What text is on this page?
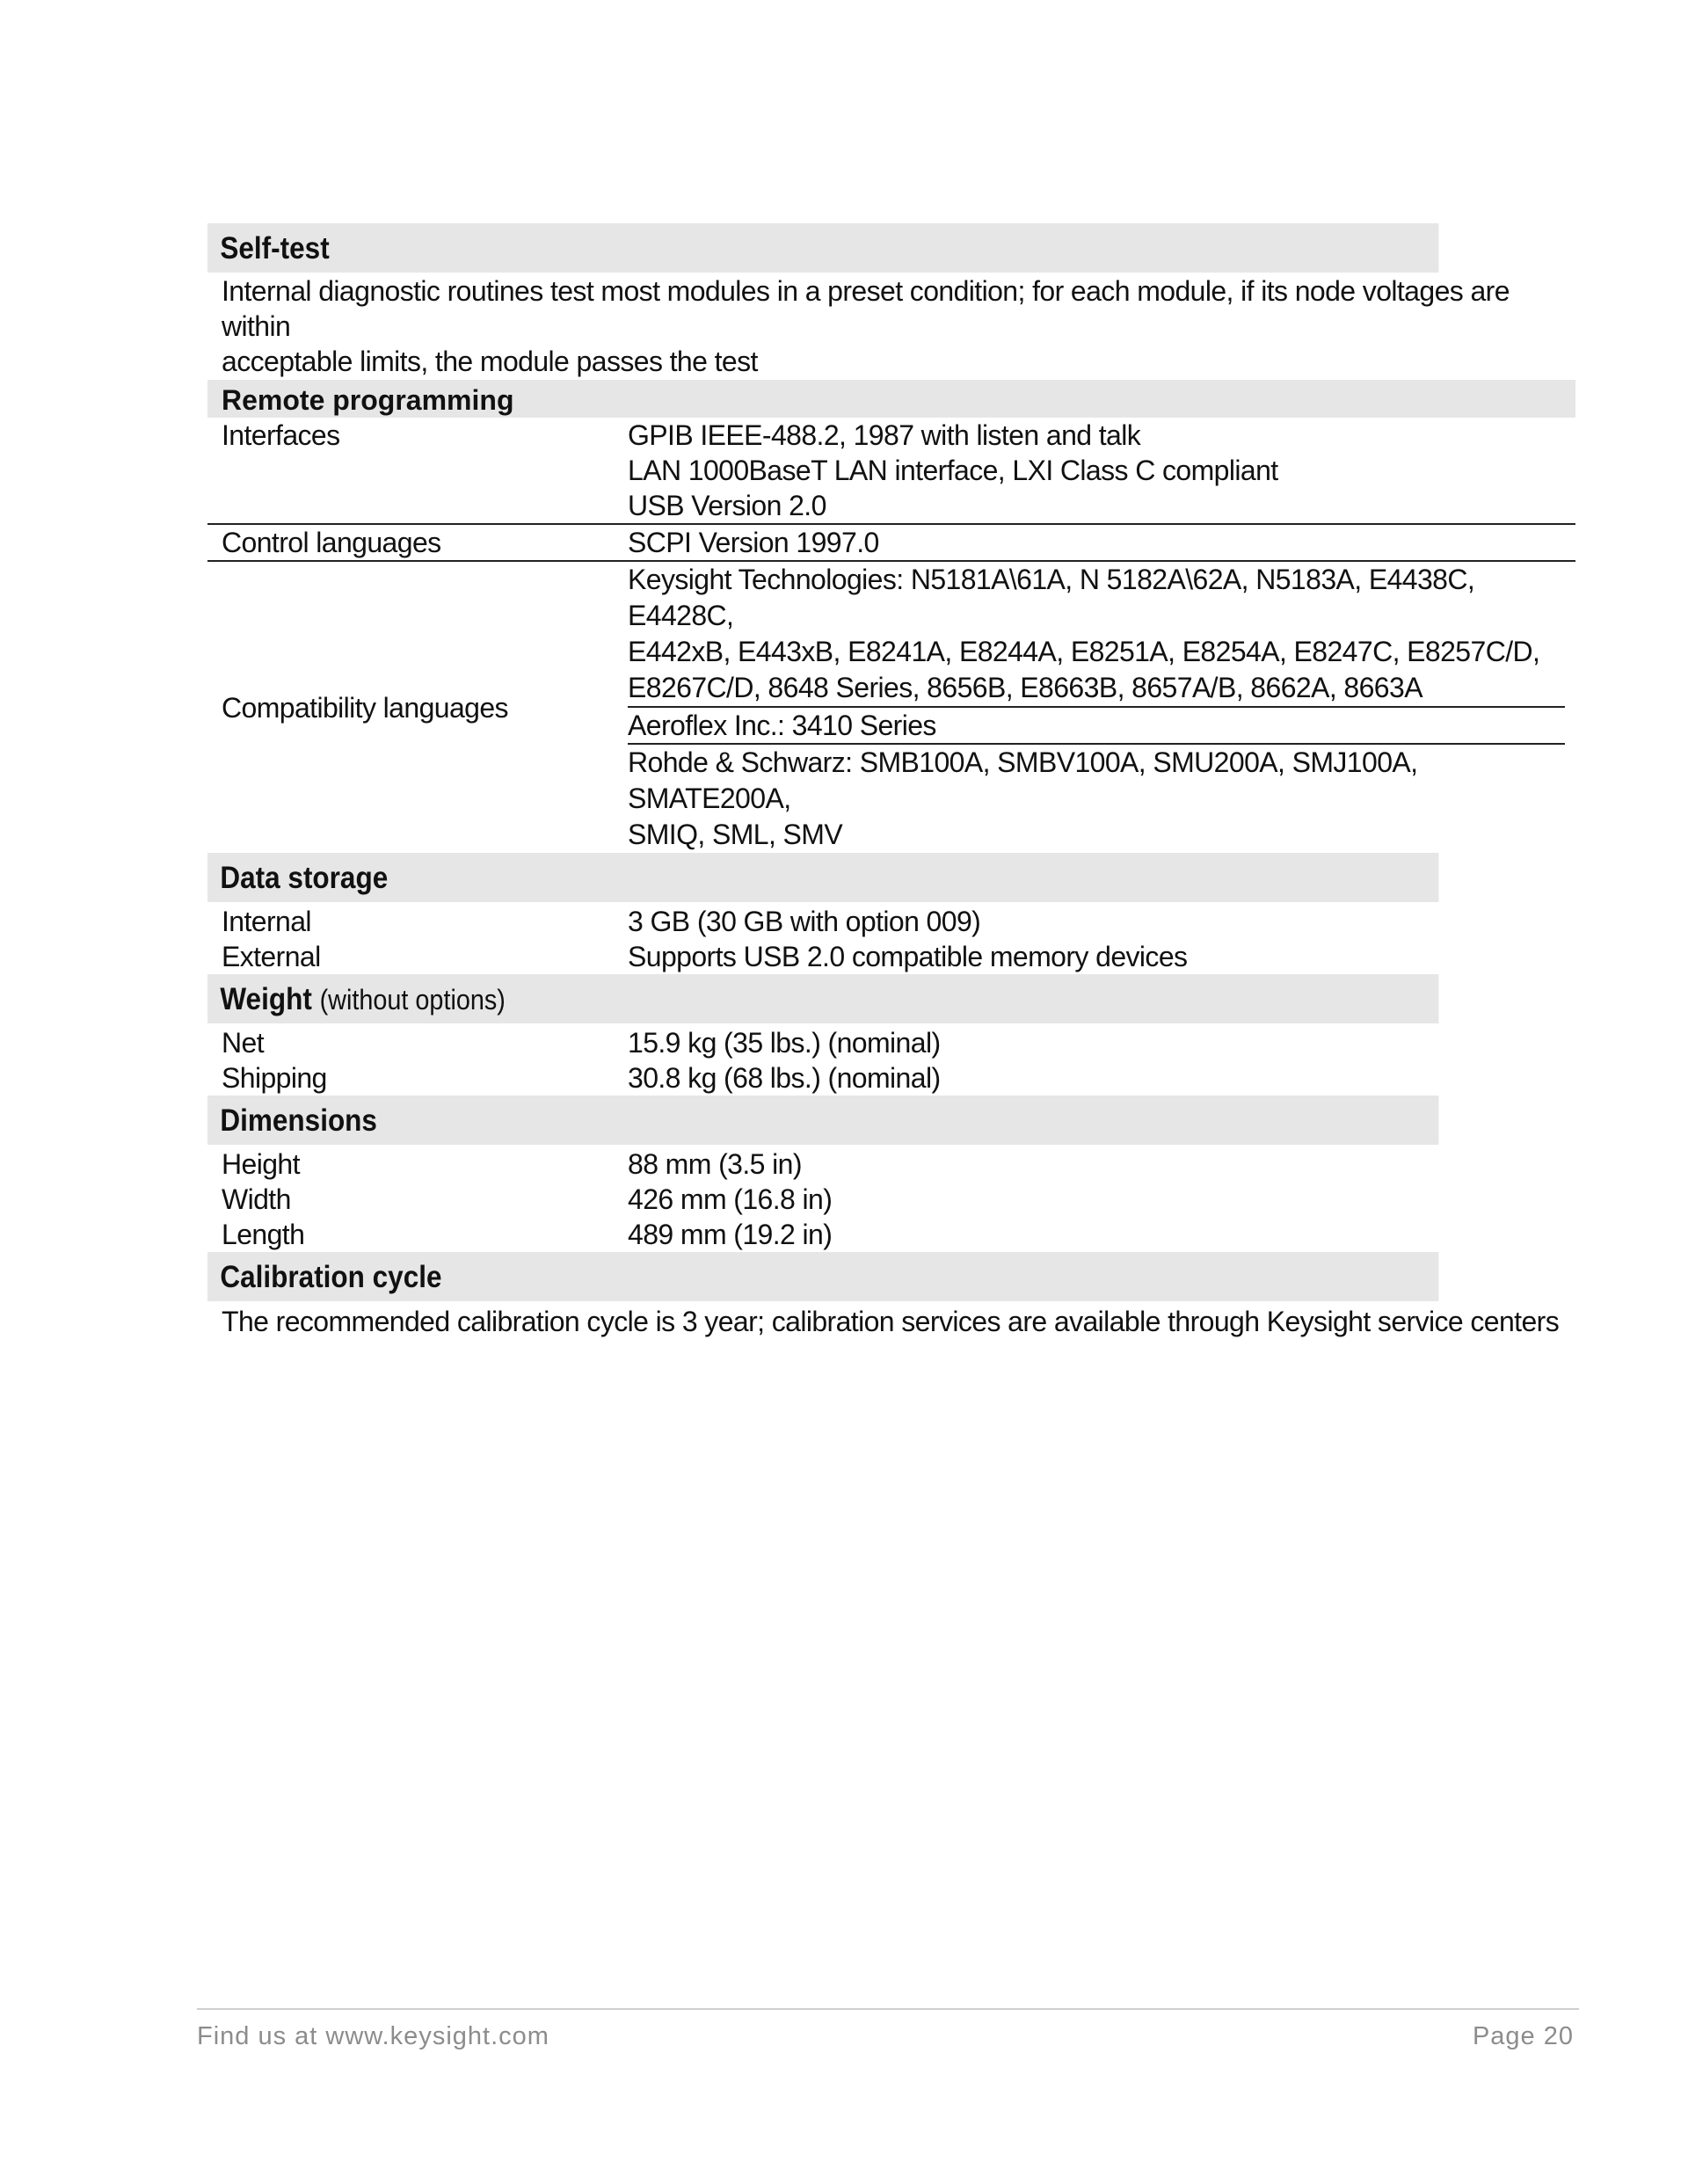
Self-test
Internal diagnostic routines test most modules in a preset condition; for each module, if its node voltages are within
acceptable limits, the module passes the test
Remote programming
Interfaces	GPIB IEEE-488.2, 1987 with listen and talk
LAN 1000BaseT LAN interface, LXI Class C compliant
USB Version 2.0
Control languages	SCPI Version 1997.0
Compatibility languages
Keysight Technologies: N5181A\61A, N 5182A\62A, N5183A, E4438C, E4428C,
E442xB, E443xB, E8241A, E8244A, E8251A, E8254A, E8247C, E8257C/D,
E8267C/D, 8648 Series, 8656B, E8663B, 8657A/B, 8662A, 8663A
Aeroflex Inc.: 3410 Series
Rohde & Schwarz: SMB100A, SMBV100A, SMU200A, SMJ100A, SMATE200A,
SMIQ, SML, SMV
Data storage
Internal	3 GB (30 GB with option 009)
External	Supports USB 2.0 compatible memory devices
Weight (without options)
Net	15.9 kg (35 lbs.) (nominal)
Shipping	30.8 kg (68 lbs.) (nominal)
Dimensions
Height	88 mm (3.5 in)
Width	426 mm (16.8 in)
Length	489 mm (19.2 in)
Calibration cycle
The recommended calibration cycle is 3 year; calibration services are available through Keysight service centers
Find us at www.keysight.com	Page 20
